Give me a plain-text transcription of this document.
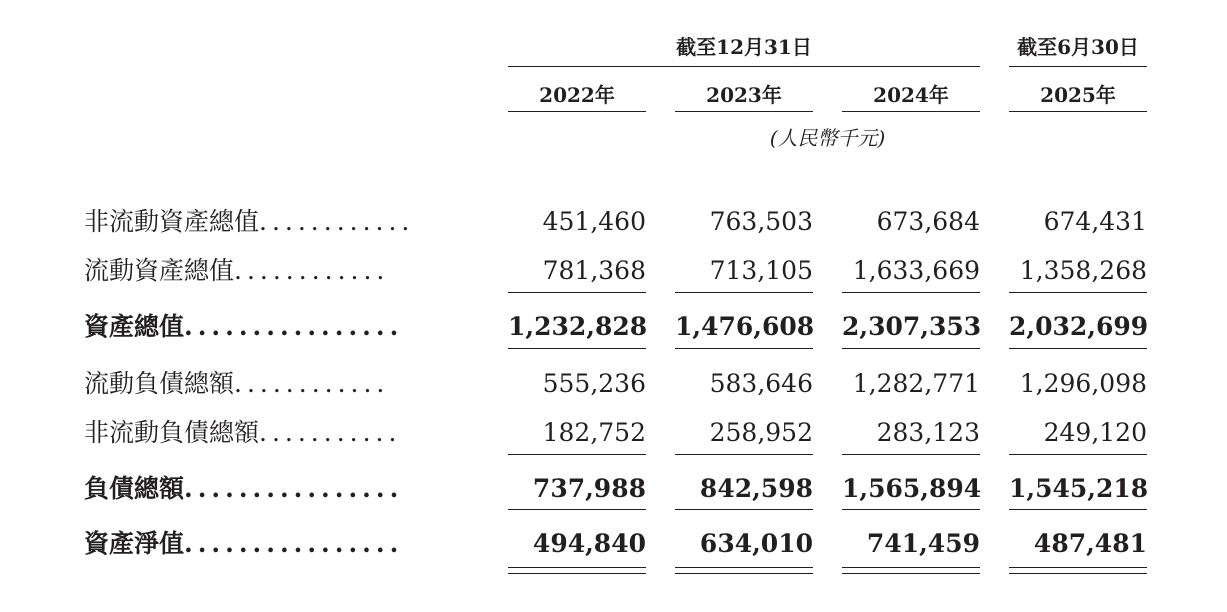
截至12月31日	截至6月30日
2022年	2023年	2024年	2025年
(人民幣千元)
非流動資產總值............	451,460	763,503	673,684	674,431
流動資產總值............	781,368	713,105	1,633,669	1,358,268
資產總值................	1,232,828 1,476,608 2,307,353 2,032,699
流動負債總額............	555,236	583,646	1,282,771	1,296,098
非流動負債總額...........	182,752	258,952	283,123	249,120
負債總額................	737,988	842,598 1,565,894 1,545,218
資產淨值................	494,840	634,010	741,459	487,481
